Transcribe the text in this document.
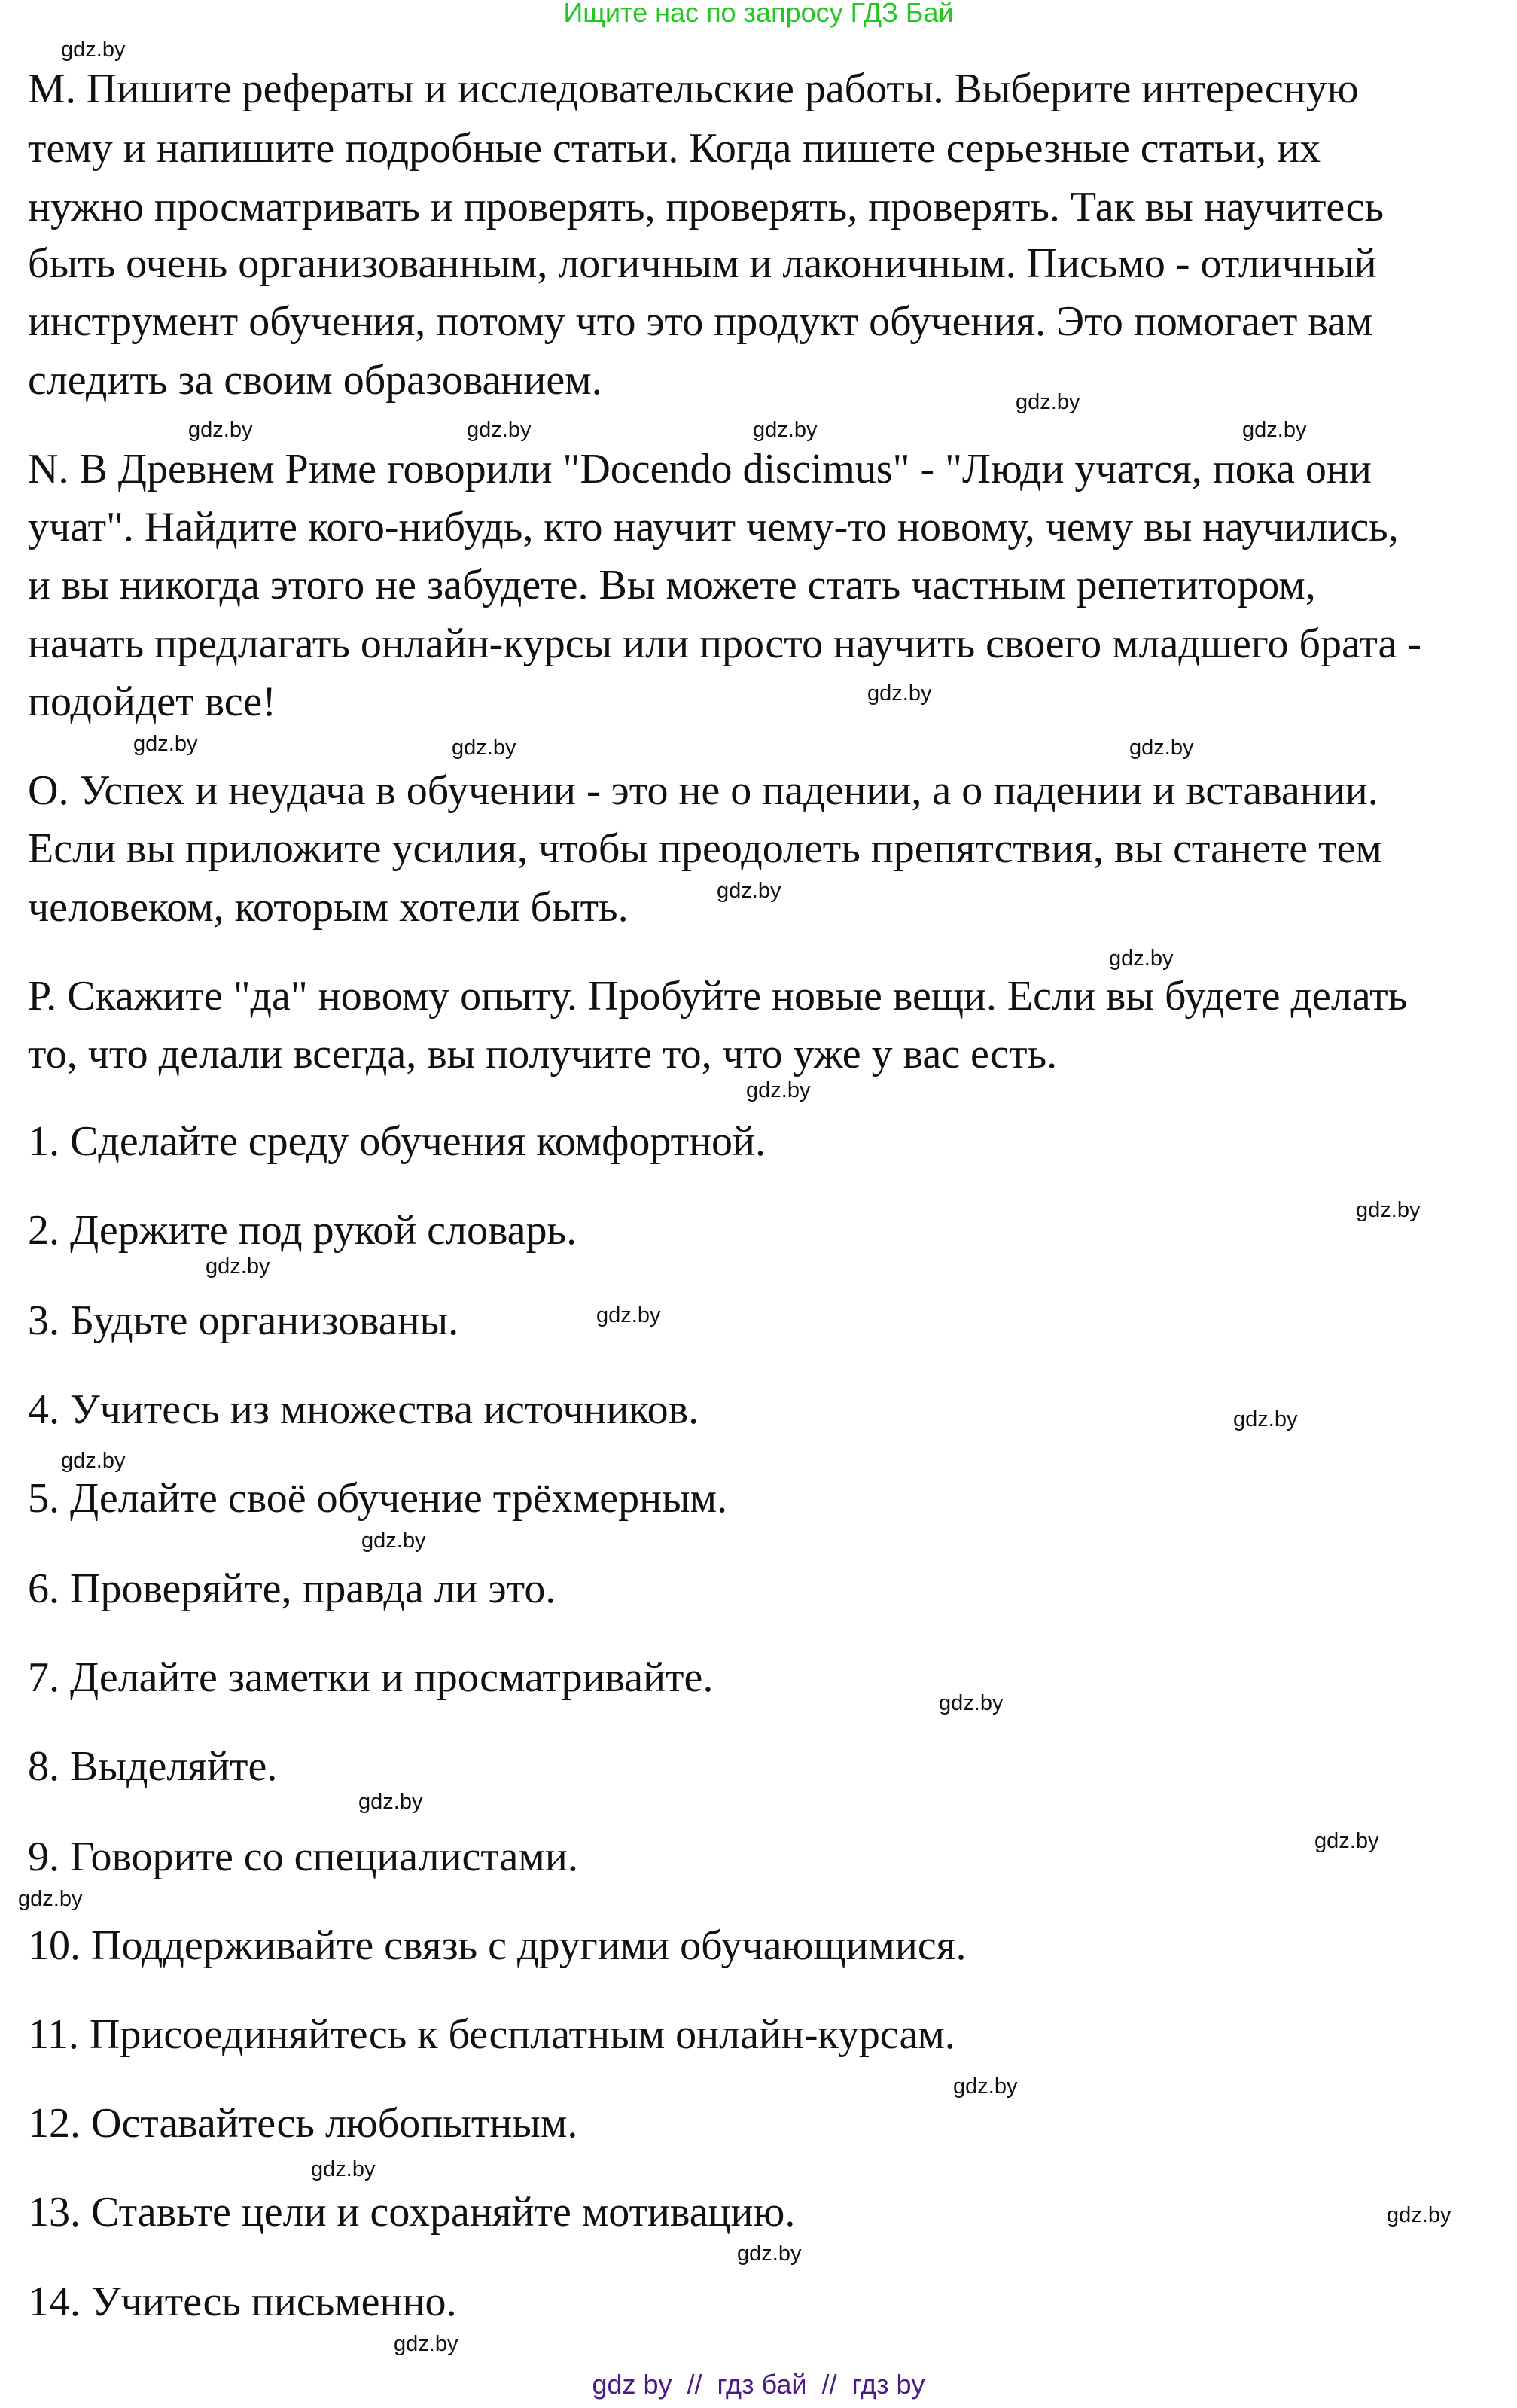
Ищите нас по запросу ГДЗ Бай
М. Пишите рефераты и исследовательские работы. Выберите интересную
тему и напишите подробные статьи. Когда пишете серьезные статьи, их
нужно просматривать и проверять, проверять, проверять. Так вы научитесь
быть очень организованным, логичным и лаконичным. Письмо - отличный
инструмент обучения, потому что это продукт обучения. Это помогает вам
следить за своим образованием.
N. В Древнем Риме говорили "Docendo discimus" - "Люди учатся, пока они
учат". Найдите кого-нибудь, кто научит чему-то новому, чему вы научились,
и вы никогда этого не забудете. Вы можете стать частным репетитором,
начать предлагать онлайн-курсы или просто научить своего младшего брата -
подойдет все!
О. Успех и неудача в обучении - это не о падении, а о падении и вставании.
Если вы приложите усилия, чтобы преодолеть препятствия, вы станете тем
человеком, которым хотели быть.
Р. Скажите "да" новому опыту. Пробуйте новые вещи. Если вы будете делать
то, что делали всегда, вы получите то, что уже у вас есть.
1. Сделайте среду обучения комфортной.
2. Держите под рукой словарь.
3. Будьте организованы.
4. Учитесь из множества источников.
5. Делайте своё обучение трёхмерным.
6. Проверяйте, правда ли это.
7. Делайте заметки и просматривайте.
8. Выделяйте.
9. Говорите со специалистами.
10. Поддерживайте связь с другими обучающимися.
11. Присоединяйтесь к бесплатным онлайн-курсам.
12. Оставайтесь любопытным.
13. Ставьте цели и сохраняйте мотивацию.
14. Учитесь письменно.
gdz.by
gdz.by	gdz.by	gdz.by	gdz.by
gdz.by
gdz.by	gdz.by
gdz.by
gdz.by
gdz.by
gdz.by
gdz.by
gdz.by
gdz.by
gdz.by
gdz.by
gdz.by
gdz.by
gdz.by
gdz.by
gdz.by
gdz.by
gdz.by
gdz.by
gdz.by
gdz.by
gdz.by
gdz by  //  гдз бай  //  гдз by
